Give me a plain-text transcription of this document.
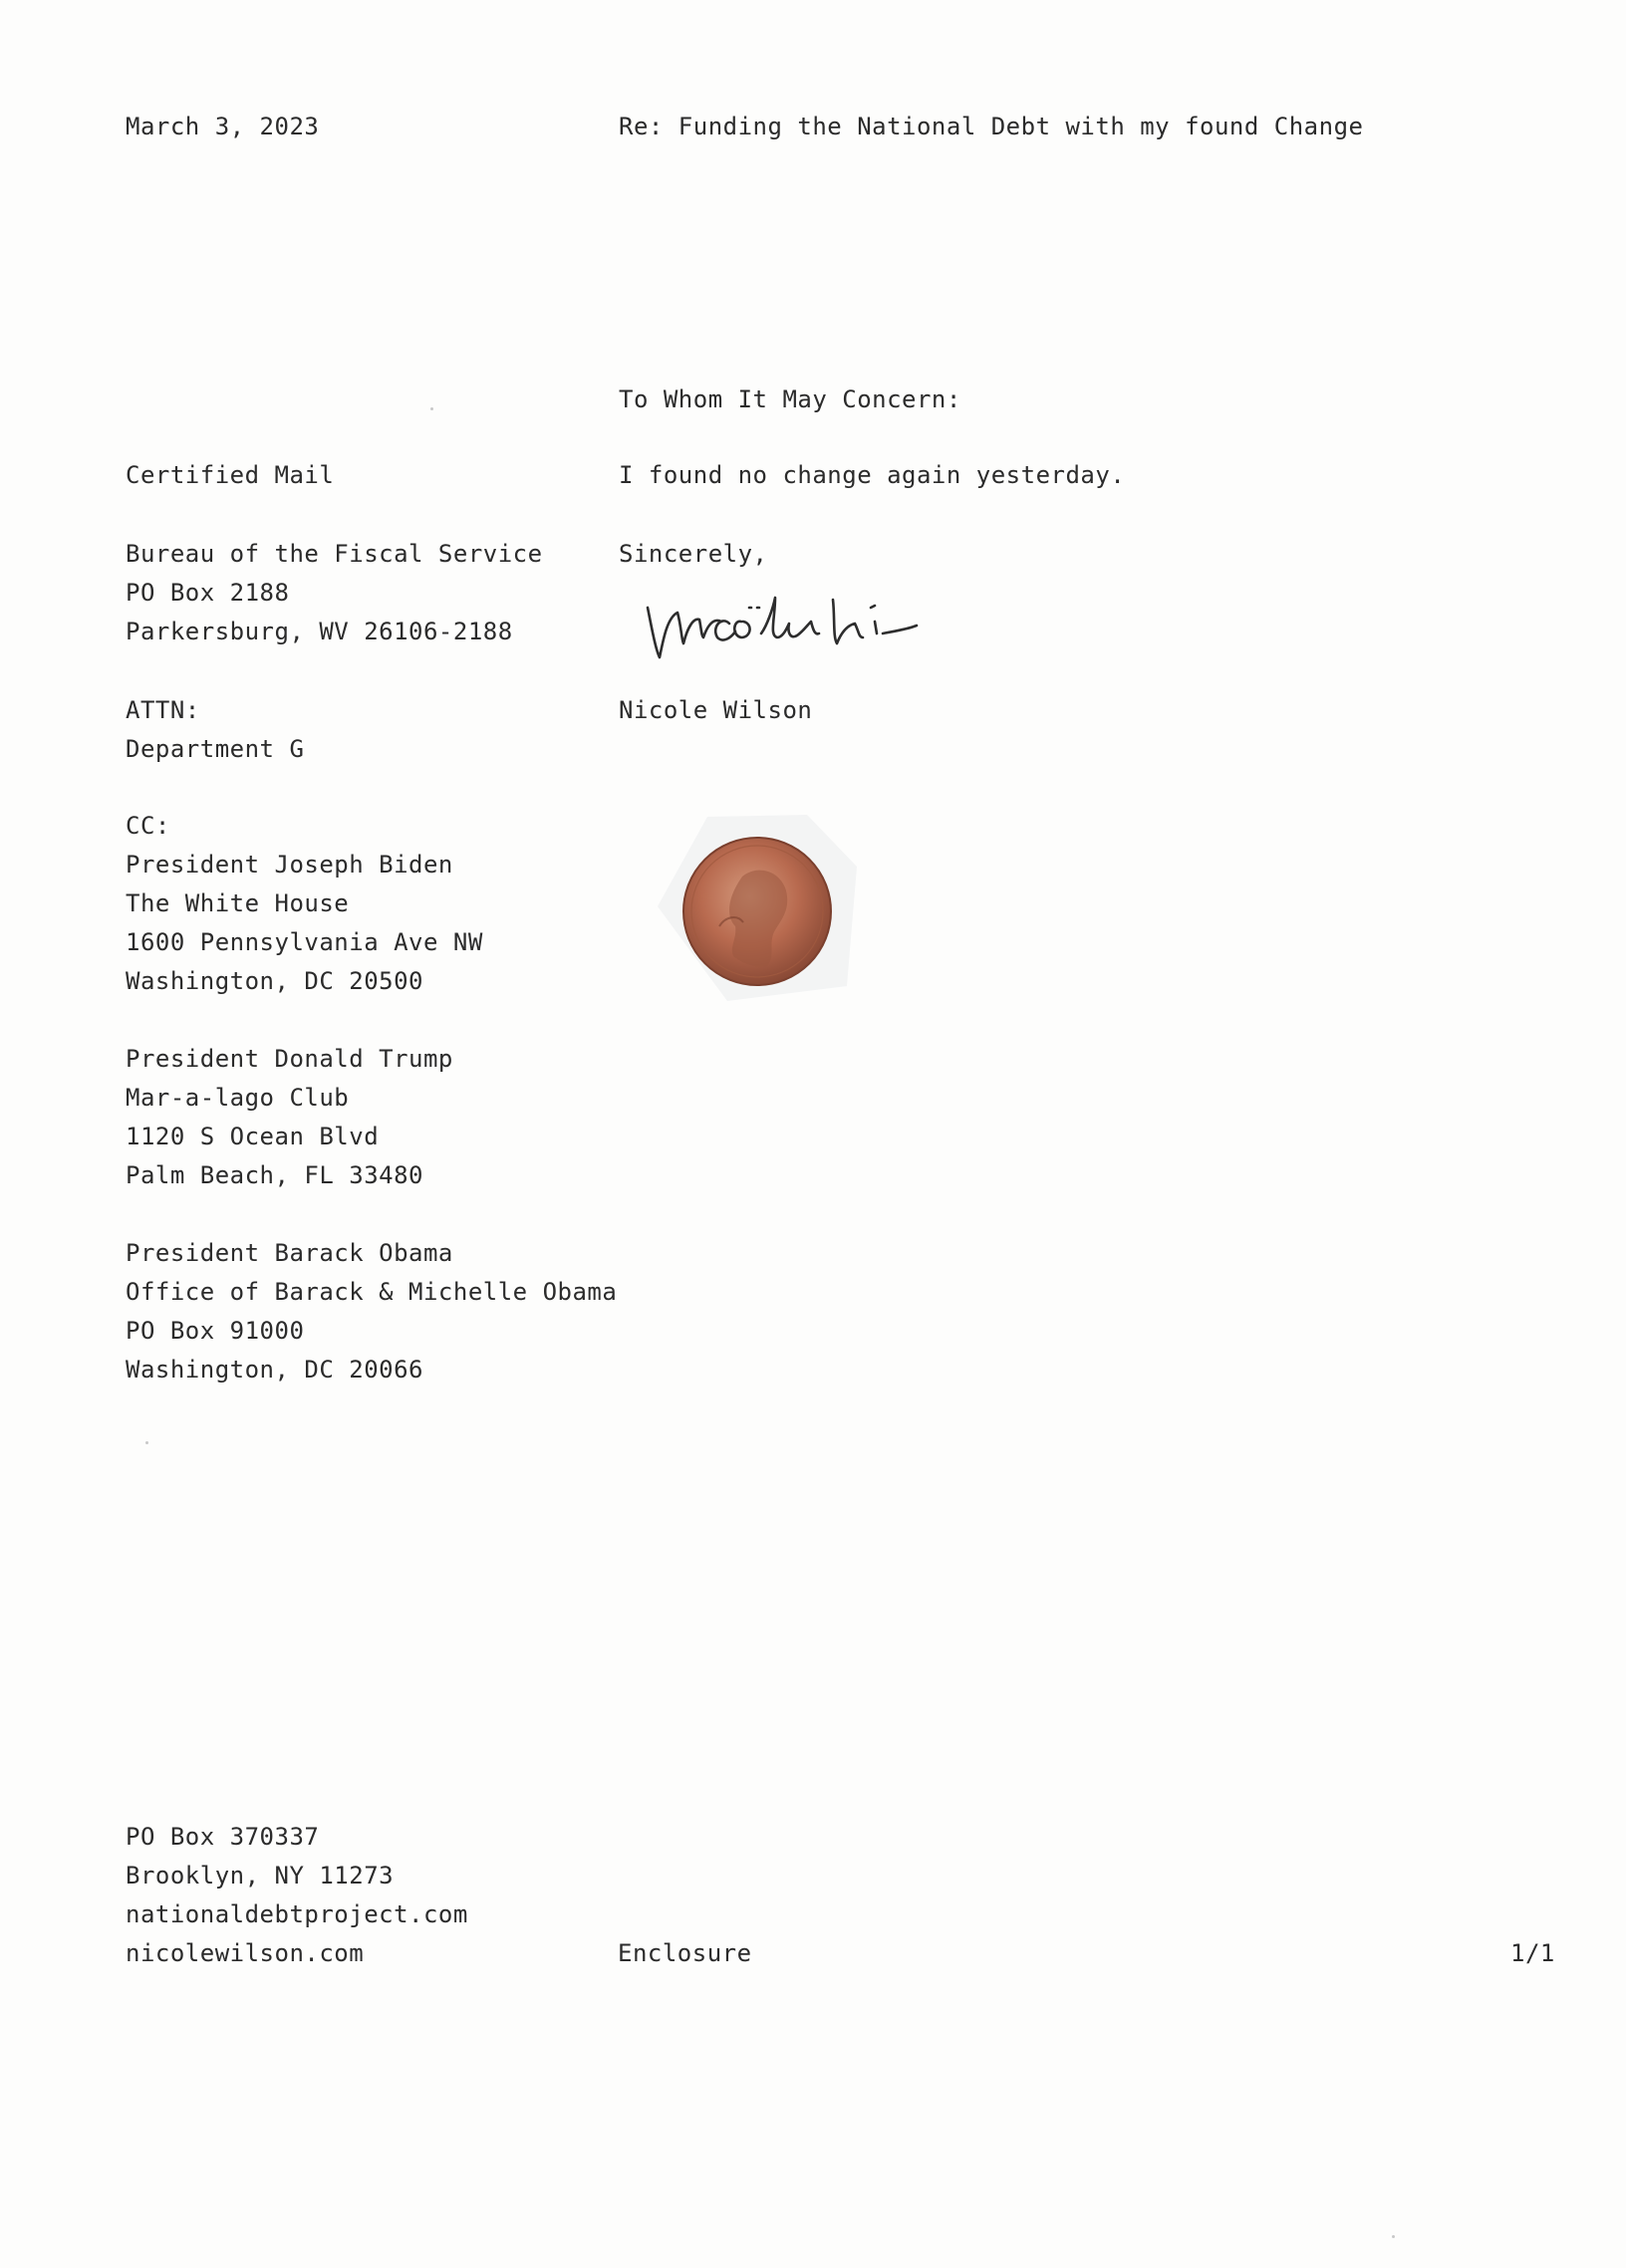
March 3, 2023	Re: Funding the National Debt with my found Change
To Whom It May Concern:
Certified Mail	I found no change again yesterday.
Bureau of the Fiscal Service
PO Box 2188
Parkersburg, WV 26106-2188
Sincerely,
ATTN:
Department G
Nicole Wilson
CC:
President Joseph Biden
The White House
1600 Pennsylvania Ave NW
Washington, DC 20500
President Donald Trump
Mar-a-lago Club
1120 S Ocean Blvd
Palm Beach, FL 33480
President Barack Obama
Office of Barack & Michelle Obama
PO Box 91000
Washington, DC 20066
PO Box 370337
Brooklyn, NY 11273
nationaldebtproject.com
nicolewilson.com	Enclosure	1/1
